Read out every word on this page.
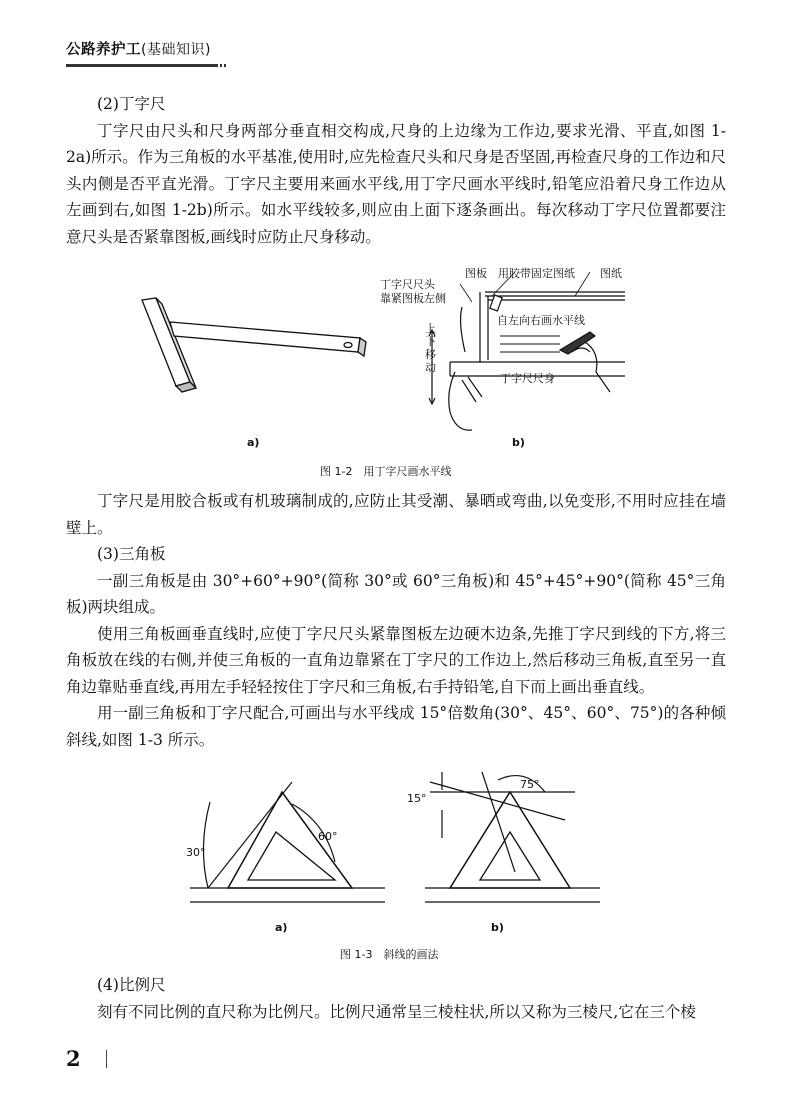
公路养护工(基础知识)

(2)丁字尺

丁字尺由尺头和尺身两部分垂直相交构成,尺身的上边缘为工作边,要求光滑、平直,如图 1-2a)所示。作为三角板的水平基准,使用时,应先检查尺头和尺身是否坚固,再检查尺身的工作边和尺头内侧是否平直光滑。丁字尺主要用来画水平线,用丁字尺画水平线时,铅笔应沿着尺身工作边从左画到右,如图 1-2b)所示。如水平线较多,则应由上面下逐条画出。每次移动丁字尺位置都要注意尺头是否紧靠图板,画线时应防止尺身移动。

丁字尺尺头
靠紧图板左侧
图板 用胶带固定图纸 图纸
自左向右画水平线
上下移动
丁字尺尺身
a)	b)
图 1-2　用丁字尺画水平线

丁字尺是用胶合板或有机玻璃制成的,应防止其受潮、暴晒或弯曲,以免变形,不用时应挂在墙壁上。

(3)三角板

一副三角板是由 30°+60°+90°(简称 30°或 60°三角板)和 45°+45°+90°(简称 45°三角板)两块组成。

使用三角板画垂直线时,应使丁字尺尺头紧靠图板左边硬木边条,先推丁字尺到线的下方,将三角板放在线的右侧,并使三角板的一直角边靠紧在丁字尺的工作边上,然后移动三角板,直至另一直角边靠贴垂直线,再用左手轻轻按住丁字尺和三角板,右手持铅笔,自下而上画出垂直线。

用一副三角板和丁字尺配合,可画出与水平线成 15°倍数角(30°、45°、60°、75°)的各种倾斜线,如图 1-3 所示。

30°
60°
15°
75°
a)	b)
图 1-3　斜线的画法

(4)比例尺

刻有不同比例的直尺称为比例尺。比例尺通常呈三棱柱状,所以又称为三棱尺,它在三个棱

2
